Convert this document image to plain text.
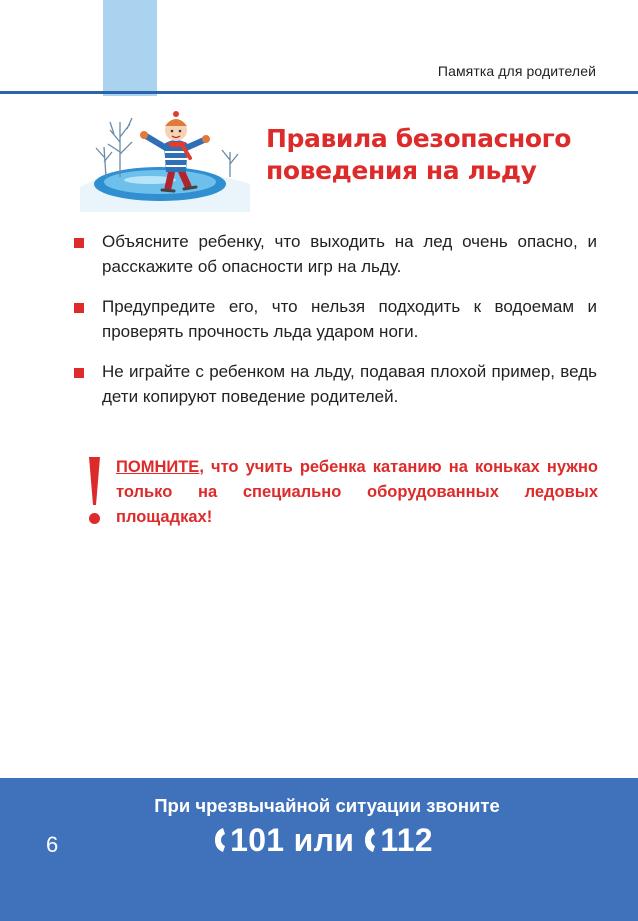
Памятка для родителей
Правила безопасного
поведения на льду
Объясните ребенку, что выходить на лед очень опасно, и расскажите об опасности игр на льду.
Предупредите его, что нельзя подходить к водоемам и проверять прочность льда ударом ноги.
Не играйте с ребенком на льду, подавая плохой пример, ведь дети копируют поведение родителей.
ПОМНИТЕ, что учить ребенка катанию на коньках нужно только на специально оборудованных ледовых площадках!
6
При чрезвычайной ситуации звоните
101 или 112
